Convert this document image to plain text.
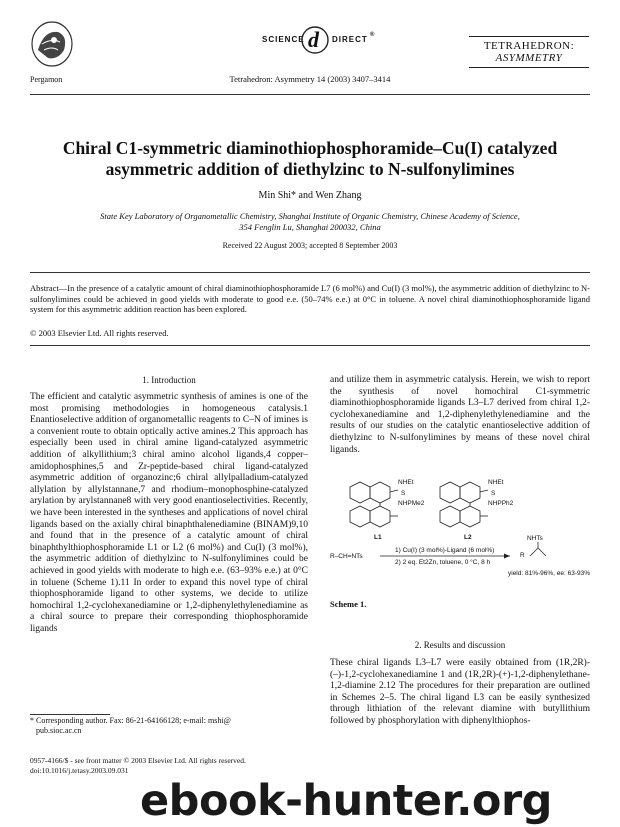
Pergamon
SCIENCE d DIRECT ®
Tetrahedron: Asymmetry 14 (2003) 3407–3414
TETRAHEDRON:
ASYMMETRY
Chiral C1-symmetric diaminothiophosphoramide–Cu(I) catalyzed
asymmetric addition of diethylzinc to N-sulfonylimines
Min Shi* and Wen Zhang
State Key Laboratory of Organometallic Chemistry, Shanghai Institute of Organic Chemistry, Chinese Academy of Science,
354 Fenglin Lu, Shanghai 200032, China
Received 22 August 2003; accepted 8 September 2003
Abstract—In the presence of a catalytic amount of chiral diaminothiophosphoramide L7 (6 mol%) and Cu(I) (3 mol%), the asymmetric addition of diethylzinc to N-sulfonylimines could be achieved in good yields with moderate to good e.e. (50–74% e.e.) at 0°C in toluene. A novel chiral diaminothiophosphoramide ligand system for this asymmetric addition reaction has been explored.
© 2003 Elsevier Ltd. All rights reserved.
1. Introduction

The efficient and catalytic asymmetric synthesis of amines is one of the most promising methodologies in homogeneous catalysis.1 Enantioselective addition of organometallic reagents to C–N of imines is a convenient route to obtain optically active amines.2 This approach has especially been used in chiral amine ligand-catalyzed asymmetric addition of alkyllithium;3 chiral amino alcohol ligands,4 copper–amidophosphines,5 and Zr-peptide-based chiral ligand-catalyzed asymmetric addition of organozinc;6 chiral allylpalladium-catalyzed allylation by allylstannane,7 and rhodium–monophosphine-catalyzed arylation by arylstannane8 with very good enantioselectivities. Recently, we have been interested in the syntheses and applications of novel chiral ligands based on the axially chiral binaphthalenediamine (BINAM)9,10 and found that in the presence of a catalytic amount of chiral binaphthylthiophosphoramide L1 or L2 (6 mol%) and Cu(I) (3 mol%), the asymmetric addition of diethylzinc to N-sulfonylimines could be achieved in good yields with moderate to high e.e. (63–93% e.e.) at 0°C in toluene (Scheme 1).11 In order to expand this novel type of chiral thiophosphoramide ligand to other systems, we decide to utilize homochiral 1,2-cyclohexanediamine or 1,2-diphenylethylenediamine as a chiral source to prepare their corresponding thiophosphoramide ligands

* Corresponding author. Fax: 86-21-64166128; e-mail: mshi@
pub.sioc.ac.cn
0957-4166/$ - see front matter © 2003 Elsevier Ltd. All rights reserved.
doi:10.1016/j.tetasy.2003.09.031

and utilize them in asymmetric catalysis. Herein, we wish to report the synthesis of novel homochiral C1-symmetric diaminothiophosphoramide ligands L3–L7 derived from chiral 1,2-cyclohexanediamine and 1,2-diphenylethylenediamine and the results of our studies on the catalytic enantioselective addition of diethylzinc to N-sulfonylimines by means of these novel chiral ligands.

NHEt
S
NHPMe2
NHEt
S
NHPPh2
L1	L2
R–CH=NTs
1) Cu(I) (3 mol%)-Ligand (6 mol%)
2) 2 eq. Et2Zn, toluene, 0 °C, 8 h
NHTs
R
yield: 81%-96%, ee: 63-93%
Scheme 1.
2. Results and discussion

These chiral ligands L3–L7 were easily obtained from (1R,2R)-(–)-1,2-cyclohexanediamine 1 and (1R,2R)-(+)-1,2-diphenylethane-1,2-diamine 2.12 The procedures for their preparation are outlined in Schemes 2–5. The chiral ligand L3 can be easily synthesized through lithiation of the relevant diamine with butyllithium followed by phosphorylation with diphenylthiophos-

ebook-hunter.org
